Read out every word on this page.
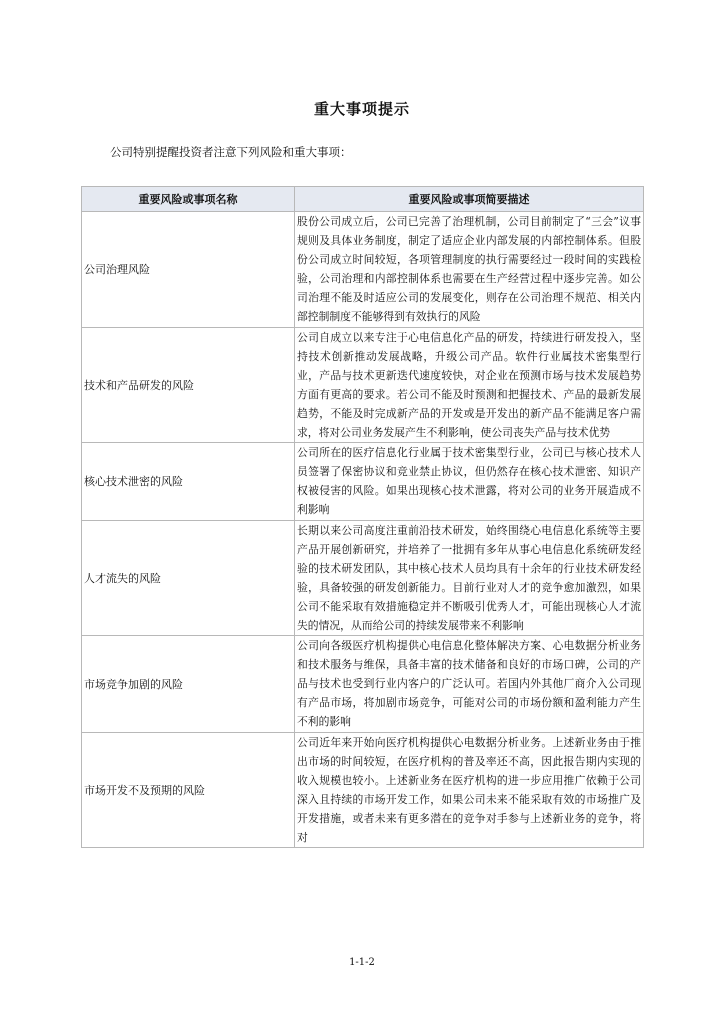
重大事项提示
公司特别提醒投资者注意下列风险和重大事项：
重要风险或事项名称	重要风险或事项简要描述
公司治理风险	股份公司成立后，公司已完善了治理机制，公司目前制定了“三会”议事规则及具体业务制度，制定了适应企业内部发展的内部控制体系。但股份公司成立时间较短，各项管理制度的执行需要经过一段时间的实践检验，公司治理和内部控制体系也需要在生产经营过程中逐步完善。如公司治理不能及时适应公司的发展变化，则存在公司治理不规范、相关内部控制制度不能够得到有效执行的风险
技术和产品研发的风险	公司自成立以来专注于心电信息化产品的研发，持续进行研发投入，坚持技术创新推动发展战略，升级公司产品。软件行业属技术密集型行业，产品与技术更新迭代速度较快，对企业在预测市场与技术发展趋势方面有更高的要求。若公司不能及时预测和把握技术、产品的最新发展趋势，不能及时完成新产品的开发或是开发出的新产品不能满足客户需求，将对公司业务发展产生不利影响，使公司丧失产品与技术优势
核心技术泄密的风险	公司所在的医疗信息化行业属于技术密集型行业，公司已与核心技术人员签署了保密协议和竞业禁止协议，但仍然存在核心技术泄密、知识产权被侵害的风险。如果出现核心技术泄露，将对公司的业务开展造成不利影响
人才流失的风险	长期以来公司高度注重前沿技术研发，始终围绕心电信息化系统等主要产品开展创新研究，并培养了一批拥有多年从事心电信息化系统研发经验的技术研发团队，其中核心技术人员均具有十余年的行业技术研发经验，具备较强的研发创新能力。目前行业对人才的竞争愈加激烈，如果公司不能采取有效措施稳定并不断吸引优秀人才，可能出现核心人才流失的情况，从而给公司的持续发展带来不利影响
市场竞争加剧的风险	公司向各级医疗机构提供心电信息化整体解决方案、心电数据分析业务和技术服务与维保，具备丰富的技术储备和良好的市场口碑，公司的产品与技术也受到行业内客户的广泛认可。若国内外其他厂商介入公司现有产品市场，将加剧市场竞争，可能对公司的市场份额和盈利能力产生不利的影响
市场开发不及预期的风险	公司近年来开始向医疗机构提供心电数据分析业务。上述新业务由于推出市场的时间较短，在医疗机构的普及率还不高，因此报告期内实现的收入规模也较小。上述新业务在医疗机构的进一步应用推广依赖于公司深入且持续的市场开发工作，如果公司未来不能采取有效的市场推广及开发措施，或者未来有更多潜在的竞争对手参与上述新业务的竞争，将对
1-1-2
